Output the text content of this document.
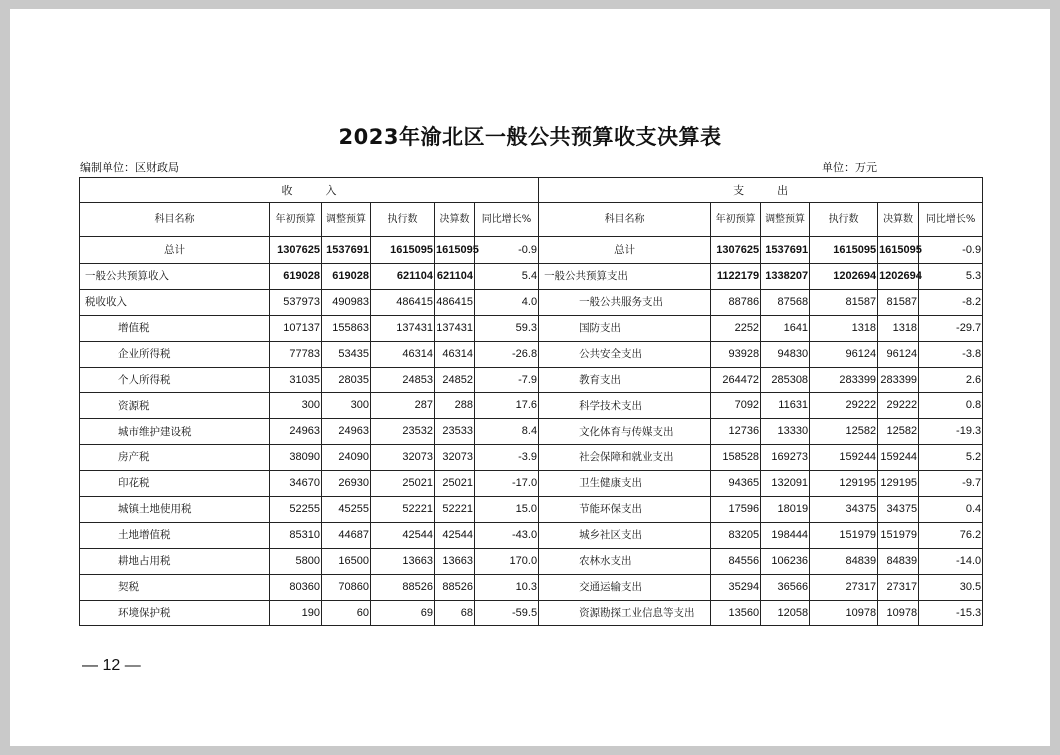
2023年渝北区一般公共预算收支决算表
编制单位：区财政局	单位：万元
收　　　入						支　　　出					
科目名称	年初预算	调整预算	执行数	决算数	同比增长%	科目名称	年初预算	调整预算	执行数	决算数	同比增长%
总计	1307625	1537691	1615095	1615095	-0.9	总计	1307625	1537691	1615095	1615095	-0.9
一般公共预算收入	619028	619028	621104	621104	5.4	一般公共预算支出	1122179	1338207	1202694	1202694	5.3
税收收入	537973	490983	486415	486415	4.0	一般公共服务支出	88786	87568	81587	81587	-8.2
增值税	107137	155863	137431	137431	59.3	国防支出	2252	1641	1318	1318	-29.7
企业所得税	77783	53435	46314	46314	-26.8	公共安全支出	93928	94830	96124	96124	-3.8
个人所得税	31035	28035	24853	24852	-7.9	教育支出	264472	285308	283399	283399	2.6
资源税	300	300	287	288	17.6	科学技术支出	7092	11631	29222	29222	0.8
城市维护建设税	24963	24963	23532	23533	8.4	文化体育与传媒支出	12736	13330	12582	12582	-19.3
房产税	38090	24090	32073	32073	-3.9	社会保障和就业支出	158528	169273	159244	159244	5.2
印花税	34670	26930	25021	25021	-17.0	卫生健康支出	94365	132091	129195	129195	-9.7
城镇土地使用税	52255	45255	52221	52221	15.0	节能环保支出	17596	18019	34375	34375	0.4
土地增值税	85310	44687	42544	42544	-43.0	城乡社区支出	83205	198444	151979	151979	76.2
耕地占用税	5800	16500	13663	13663	170.0	农林水支出	84556	106236	84839	84839	-14.0
契税	80360	70860	88526	88526	10.3	交通运输支出	35294	36566	27317	27317	30.5
环境保护税	190	60	69	68	-59.5	资源勘探工业信息等支出	13560	12058	10978	10978	-15.3
— 12 —
